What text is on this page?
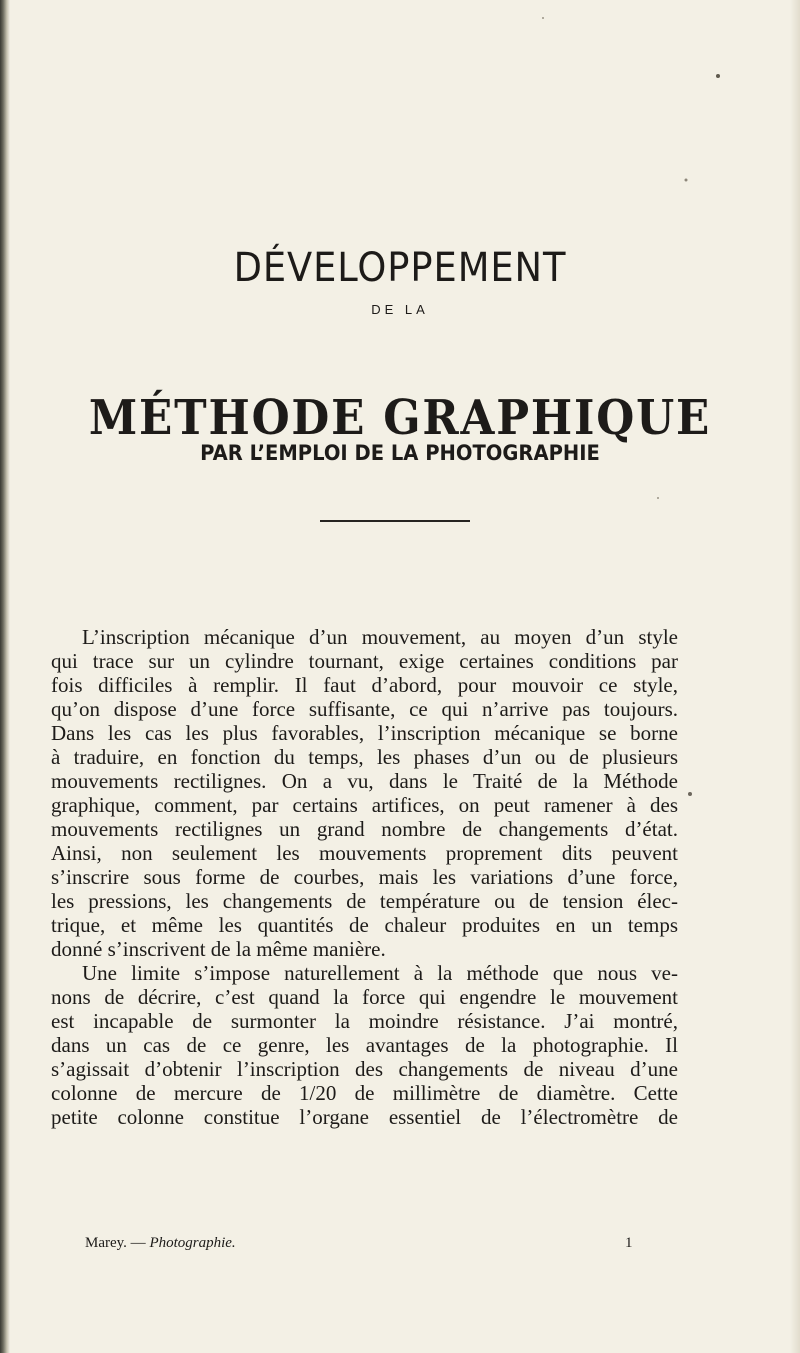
DÉVELOPPEMENT
DE LA
MÉTHODE GRAPHIQUE
PAR L’EMPLOI DE LA PHOTOGRAPHIE
L’inscription mécanique d’un mouvement, au moyen d’un style
qui trace sur un cylindre tournant, exige certaines conditions par
fois difficiles à remplir. Il faut d’abord, pour mouvoir ce style,
qu’on dispose d’une force suffisante, ce qui n’arrive pas toujours.
Dans les cas les plus favorables, l’inscription mécanique se borne
à traduire, en fonction du temps, les phases d’un ou de plusieurs
mouvements rectilignes. On a vu, dans le Traité de la Méthode
graphique, comment, par certains artifices, on peut ramener à des
mouvements rectilignes un grand nombre de changements d’état.
Ainsi, non seulement les mouvements proprement dits peuvent
s’inscrire sous forme de courbes, mais les variations d’une force,
les pressions, les changements de température ou de tension élec-
trique, et même les quantités de chaleur produites en un temps
donné s’inscrivent de la même manière.
Une limite s’impose naturellement à la méthode que nous ve-
nons de décrire, c’est quand la force qui engendre le mouvement
est incapable de surmonter la moindre résistance. J’ai montré,
dans un cas de ce genre, les avantages de la photographie. Il
s’agissait d’obtenir l’inscription des changements de niveau d’une
colonne de mercure de 1/20 de millimètre de diamètre. Cette
petite colonne constitue l’organe essentiel de l’électromètre de
Marey. — Photographie.	1
